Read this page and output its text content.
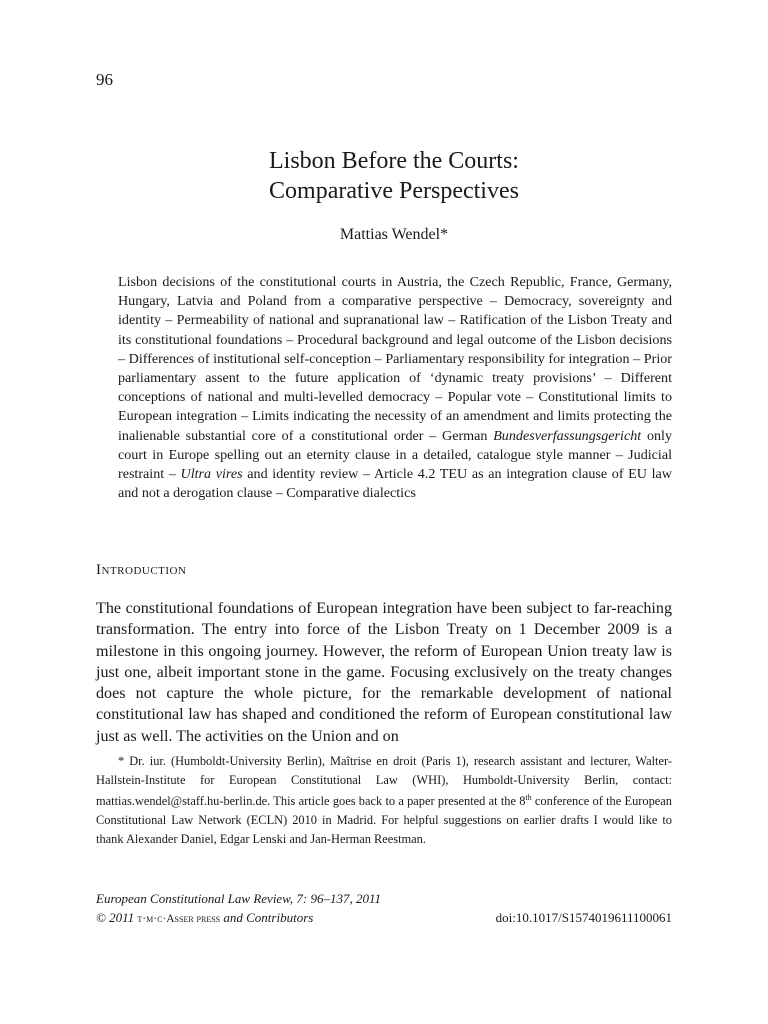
96
Lisbon Before the Courts:
Comparative Perspectives
Mattias Wendel*

Lisbon decisions of the constitutional courts in Austria, the Czech Republic, France, Germany, Hungary, Latvia and Poland from a comparative perspective – Democracy, sovereignty and identity – Permeability of national and supranational law – Ratification of the Lisbon Treaty and its constitutional foundations – Procedural background and legal outcome of the Lisbon decisions – Differences of institutional self-conception – Parliamentary responsibility for integration – Prior parliamentary assent to the future application of ‘dynamic treaty provisions’ – Different conceptions of national and multi-levelled democracy – Popular vote – Constitutional limits to European integration – Limits indicating the necessity of an amendment and limits protecting the inalienable substantial core of a constitutional order – German Bundesverfassungsgericht only court in Europe spelling out an eternity clause in a detailed, catalogue style manner – Judicial restraint – Ultra vires and identity review – Article 4.2 TEU as an integration clause of EU law and not a derogation clause – Comparative dialectics

Introduction

The constitutional foundations of European integration have been subject to far-reaching transformation. The entry into force of the Lisbon Treaty on 1 December 2009 is a milestone in this ongoing journey. However, the reform of European Union treaty law is just one, albeit important stone in the game. Focusing exclusively on the treaty changes does not capture the whole picture, for the remarkable development of national constitutional law has shaped and conditioned the reform of European constitutional law just as well. The activities on the Union and on

* Dr. iur. (Humboldt-University Berlin), Maîtrise en droit (Paris 1), research assistant and lecturer, Walter-Hallstein-Institute for European Constitutional Law (WHI), Humboldt-University Berlin, contact: mattias.wendel@staff.hu-berlin.de. This article goes back to a paper presented at the 8th conference of the European Constitutional Law Network (ECLN) 2010 in Madrid. For helpful suggestions on earlier drafts I would like to thank Alexander Daniel, Edgar Lenski and Jan-Herman Reestman.

European Constitutional Law Review, 7: 96–137, 2011
© 2011 t·m·c·Asser press and Contributors	doi:10.1017/S1574019611100061
